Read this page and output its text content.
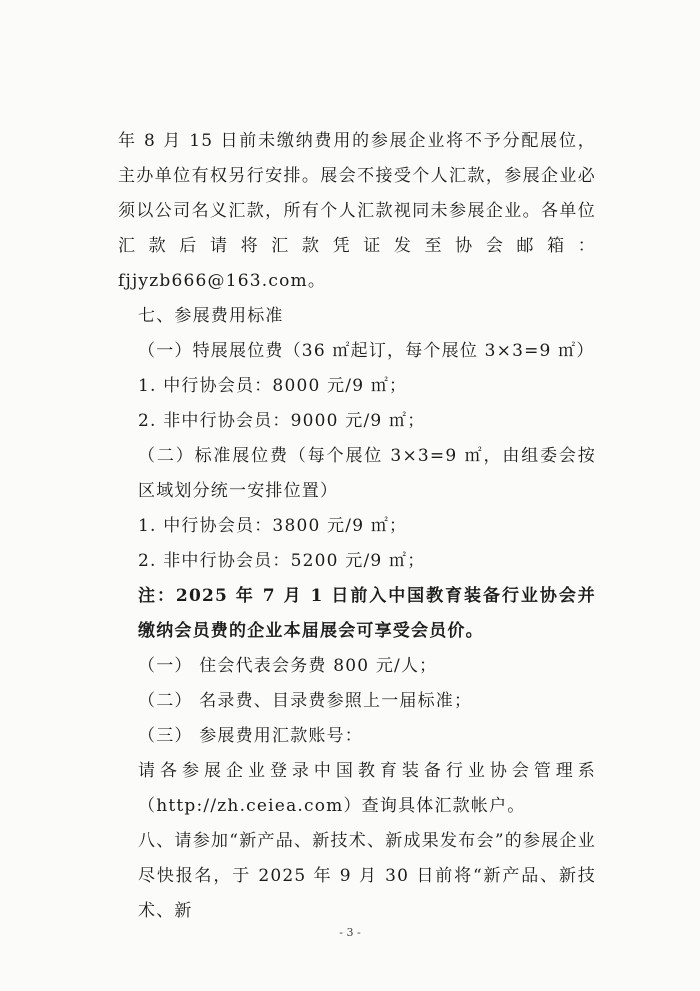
年 8 月 15 日前未缴纳费用的参展企业将不予分配展位，主办单位有权另行安排。展会不接受个人汇款，参展企业必须以公司名义汇款，所有个人汇款视同未参展企业。各单位汇款后请将汇款凭证发至协会邮箱：fjjyzb666@163.com。

七、参展费用标准

（一）特展展位费（36 ㎡起订，每个展位 3×3=9 ㎡）

1. 中行协会员：8000 元/9 ㎡；

2. 非中行协会员：9000 元/9 ㎡；

（二）标准展位费（每个展位 3×3=9 ㎡，由组委会按区域划分统一安排位置）

1. 中行协会员：3800 元/9 ㎡；

2. 非中行协会员：5200 元/9 ㎡；

注：2025 年 7 月 1 日前入中国教育装备行业协会并缴纳会员费的企业本届展会可享受会员价。

（一） 住会代表会务费 800 元/人；

（二） 名录费、目录费参照上一届标准；

（三） 参展费用汇款账号：

请各参展企业登录中国教育装备行业协会管理系（http://zh.ceiea.com）查询具体汇款帐户。

八、请参加“新产品、新技术、新成果发布会”的参展企业尽快报名，于 2025 年 9 月 30 日前将“新产品、新技术、新

- 3 -
